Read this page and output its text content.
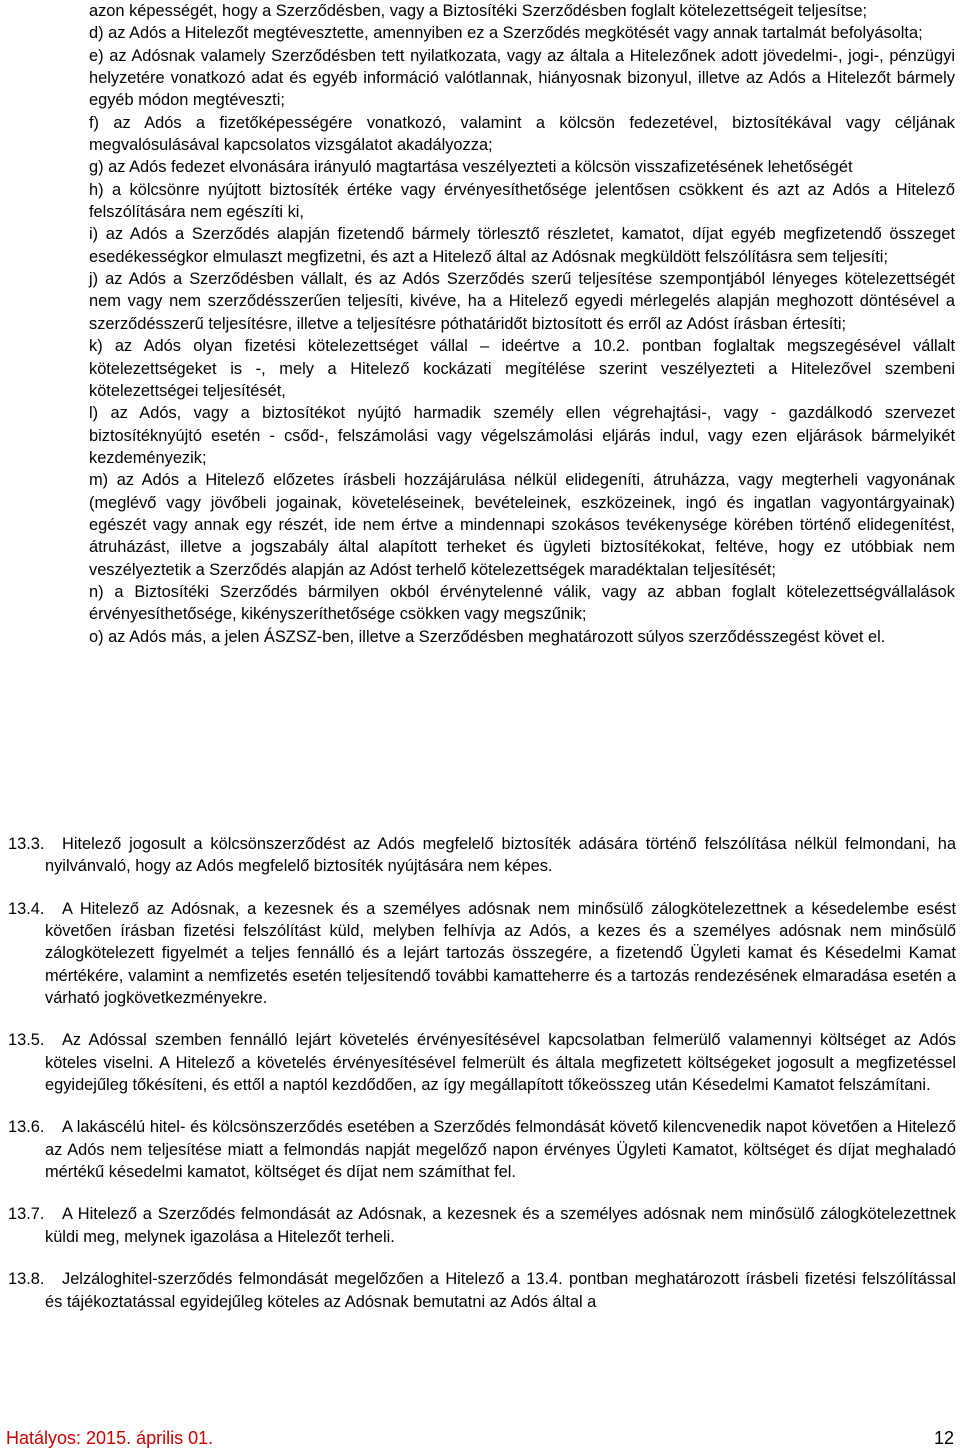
azon képességét, hogy a Szerződésben, vagy a Biztosítéki Szerződésben foglalt kötelezettségeit teljesítse;

d) az Adós a Hitelezőt megtévesztette, amennyiben ez a Szerződés megkötését vagy annak tartalmát befolyásolta;

e) az Adósnak valamely Szerződésben tett nyilatkozata, vagy az általa a Hitelezőnek adott jövedelmi-, jogi-, pénzügyi helyzetére vonatkozó adat és egyéb információ valótlannak, hiányosnak bizonyul, illetve az Adós a Hitelezőt bármely egyéb módon megtéveszti;

f) az Adós a fizetőképességére vonatkozó, valamint a kölcsön fedezetével, biztosítékával vagy céljának megvalósulásával kapcsolatos vizsgálatot akadályozza;

g) az Adós fedezet elvonására irányuló magtartása veszélyezteti a kölcsön visszafizetésének lehetőségét

h) a kölcsönre nyújtott biztosíték értéke vagy érvényesíthetősége jelentősen csökkent és azt az Adós a Hitelező felszólítására nem egészíti ki,

i) az Adós a Szerződés alapján fizetendő bármely törlesztő részletet, kamatot, díjat egyéb megfizetendő összeget esedékességkor elmulaszt megfizetni, és azt a Hitelező által az Adósnak megküldött felszólításra sem teljesíti;

j) az Adós a Szerződésben vállalt, és az Adós Szerződés szerű teljesítése szempontjából lényeges kötelezettségét nem vagy nem szerződésszerűen teljesíti, kivéve, ha a Hitelező egyedi mérlegelés alapján meghozott döntésével a szerződésszerű teljesítésre, illetve a teljesítésre póthatáridőt biztosított és erről az Adóst írásban értesíti;

k) az Adós olyan fizetési kötelezettséget vállal – ideértve a 10.2. pontban foglaltak megszegésével vállalt kötelezettségeket is -, mely a Hitelező kockázati megítélése szerint veszélyezteti a Hitelezővel szembeni kötelezettségei teljesítését,

l) az Adós, vagy a biztosítékot nyújtó harmadik személy ellen végrehajtási-, vagy - gazdálkodó szervezet biztosítéknyújtó esetén - csőd-, felszámolási vagy végelszámolási eljárás indul, vagy ezen eljárások bármelyikét kezdeményezik;

m) az Adós a Hitelező előzetes írásbeli hozzájárulása nélkül elidegeníti, átruházza, vagy megterheli vagyonának (meglévő vagy jövőbeli jogainak, követeléseinek, bevételeinek, eszközeinek, ingó és ingatlan vagyontárgyainak) egészét vagy annak egy részét, ide nem értve a mindennapi szokásos tevékenysége körében történő elidegenítést, átruházást, illetve a jogszabály által alapított terheket és ügyleti biztosítékokat, feltéve, hogy ez utóbbiak nem veszélyeztetik a Szerződés alapján az Adóst terhelő kötelezettségek maradéktalan teljesítését;

n) a Biztosítéki Szerződés bármilyen okból érvénytelenné válik, vagy az abban foglalt kötelezettségvállalások érvényesíthetősége, kikényszeríthetősége csökken vagy megszűnik;

o) az Adós más, a jelen ÁSZSZ-ben, illetve a Szerződésben meghatározott súlyos szerződésszegést követ el.

13.3. Hitelező jogosult a kölcsönszerződést az Adós megfelelő biztosíték adására történő felszólítása nélkül felmondani, ha nyilvánvaló, hogy az Adós megfelelő biztosíték nyújtására nem képes.

13.4. A Hitelező az Adósnak, a kezesnek és a személyes adósnak nem minősülő zálogkötelezettnek a késedelembe esést követően írásban fizetési felszólítást küld, melyben felhívja az Adós, a kezes és a személyes adósnak nem minősülő zálogkötelezett figyelmét a teljes fennálló és a lejárt tartozás összegére, a fizetendő Ügyleti kamat és Késedelmi Kamat mértékére, valamint a nemfizetés esetén teljesítendő további kamatteherre és a tartozás rendezésének elmaradása esetén a várható jogkövetkezményekre.

13.5. Az Adóssal szemben fennálló lejárt követelés érvényesítésével kapcsolatban felmerülő valamennyi költséget az Adós köteles viselni. A Hitelező a követelés érvényesítésével felmerült és általa megfizetett költségeket jogosult a megfizetéssel egyidejűleg tőkésíteni, és ettől a naptól kezdődően, az így megállapított tőkeösszeg után Késedelmi Kamatot felszámítani.

13.6. A lakáscélú hitel- és kölcsönszerződés esetében a Szerződés felmondását követő kilencvenedik napot követően a Hitelező az Adós nem teljesítése miatt a felmondás napját megelőző napon érvényes Ügyleti Kamatot, költséget és díjat meghaladó mértékű késedelmi kamatot, költséget és díjat nem számíthat fel.

13.7. A Hitelező a Szerződés felmondását az Adósnak, a kezesnek és a személyes adósnak nem minősülő zálogkötelezettnek küldi meg, melynek igazolása a Hitelezőt terheli.

13.8. Jelzáloghitel-szerződés felmondását megelőzően a Hitelező a 13.4. pontban meghatározott írásbeli fizetési felszólítással és tájékoztatással egyidejűleg köteles az Adósnak bemutatni az Adós által a

Hatályos: 2015. április 01.	12
